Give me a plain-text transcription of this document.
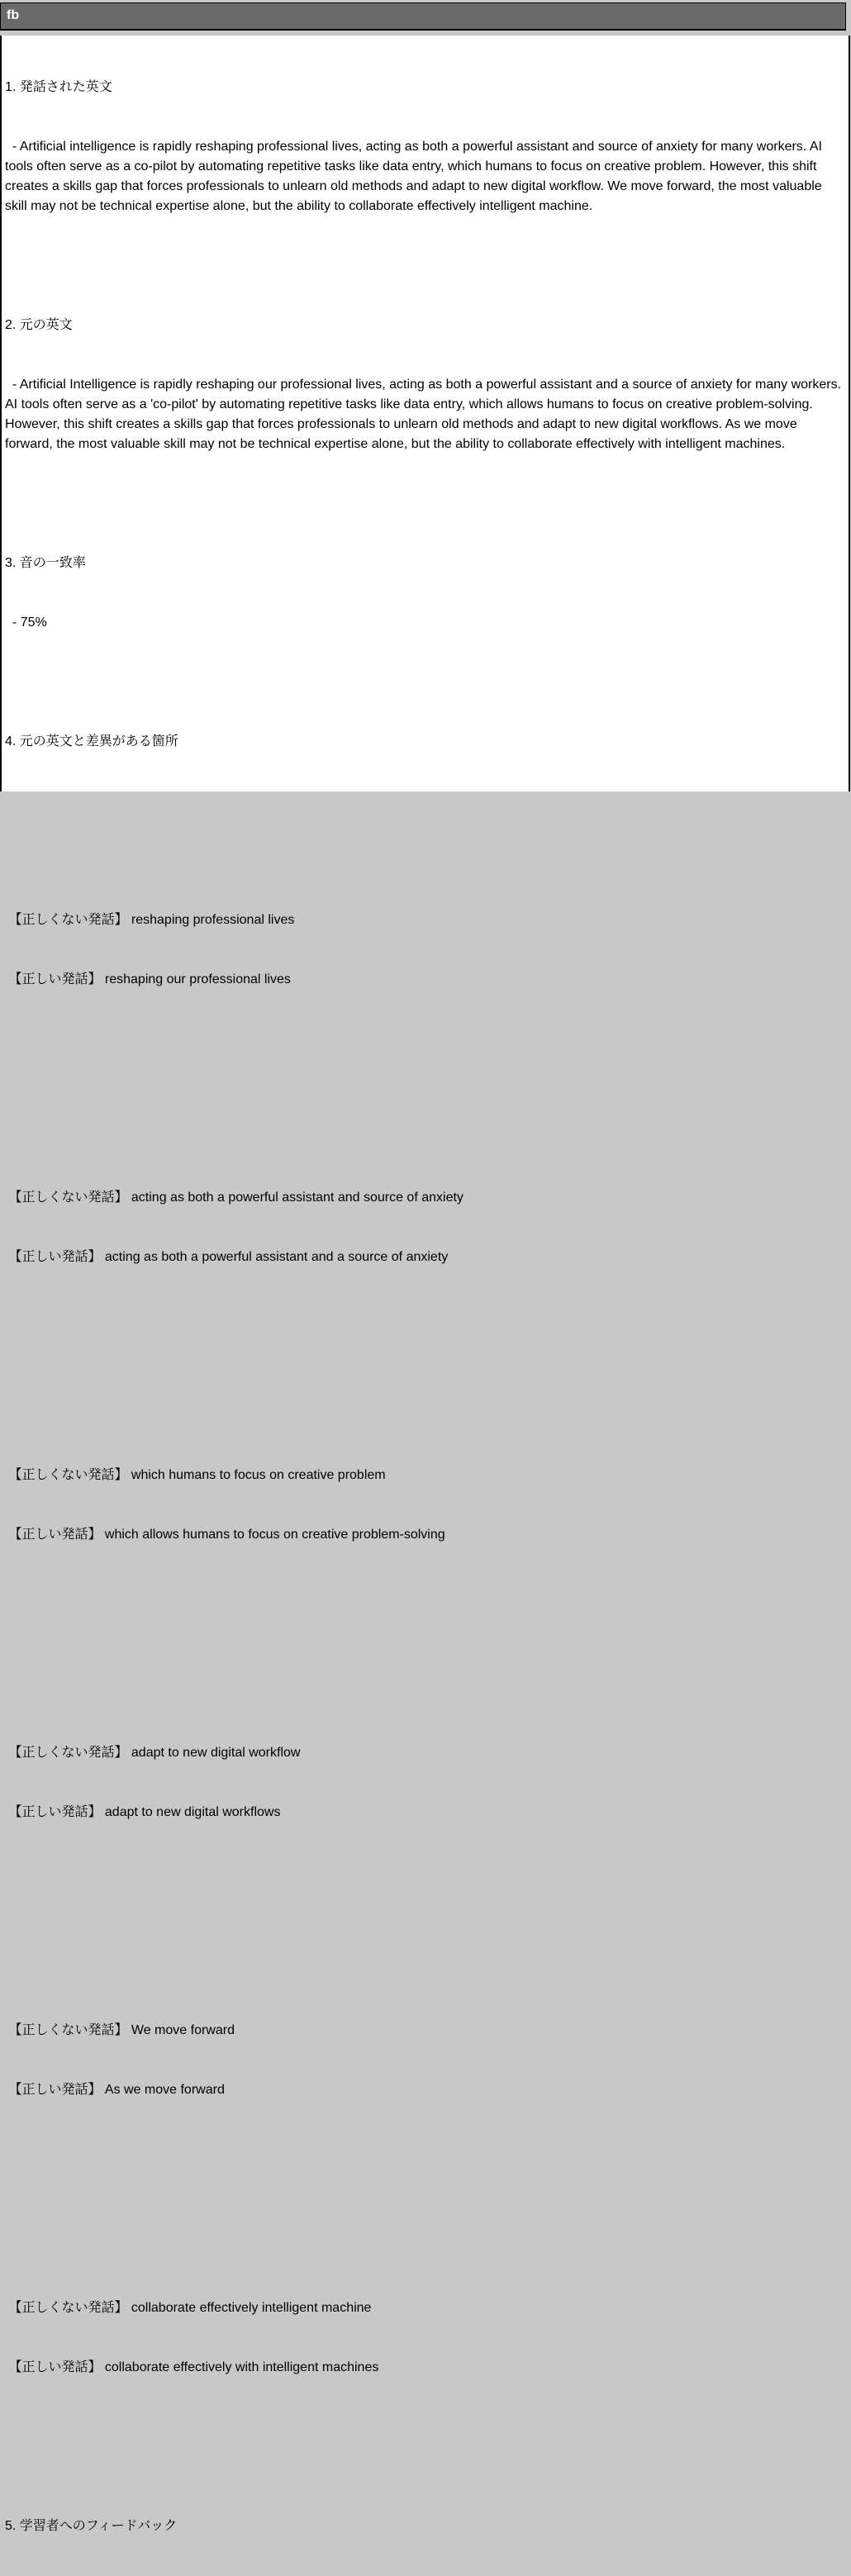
fb

1. 発話された英文

- Artificial intelligence is rapidly reshaping professional lives, acting as both a powerful assistant and source of anxiety for many workers. AI tools often serve as a co-pilot by automating repetitive tasks like data entry, which humans to focus on creative problem. However, this shift creates a skills gap that forces professionals to unlearn old methods and adapt to new digital workflow. We move forward, the most valuable skill may not be technical expertise alone, but the ability to collaborate effectively intelligent machine.

2. 元の英文

- Artificial Intelligence is rapidly reshaping our professional lives, acting as both a powerful assistant and a source of anxiety for many workers. AI tools often serve as a 'co-pilot' by automating repetitive tasks like data entry, which allows humans to focus on creative problem-solving. However, this shift creates a skills gap that forces professionals to unlearn old methods and adapt to new digital workflows. As we move forward, the most valuable skill may not be technical expertise alone, but the ability to collaborate effectively with intelligent machines.

3. 音の一致率

- 75%

4. 元の英文と差異がある箇所

【正しくない発話】 reshaping professional lives

【正しい発話】 reshaping our professional lives

【正しくない発話】 acting as both a powerful assistant and source of anxiety

【正しい発話】 acting as both a powerful assistant and a source of anxiety

【正しくない発話】 which humans to focus on creative problem

【正しい発話】 which allows humans to focus on creative problem-solving

【正しくない発話】 adapt to new digital workflow

【正しい発話】 adapt to new digital workflows

【正しくない発話】 We move forward

【正しい発話】 As we move forward

【正しくない発話】 collaborate effectively intelligent machine

【正しい発話】 collaborate effectively with intelligent machines

5. 学習者へのフィードバック
